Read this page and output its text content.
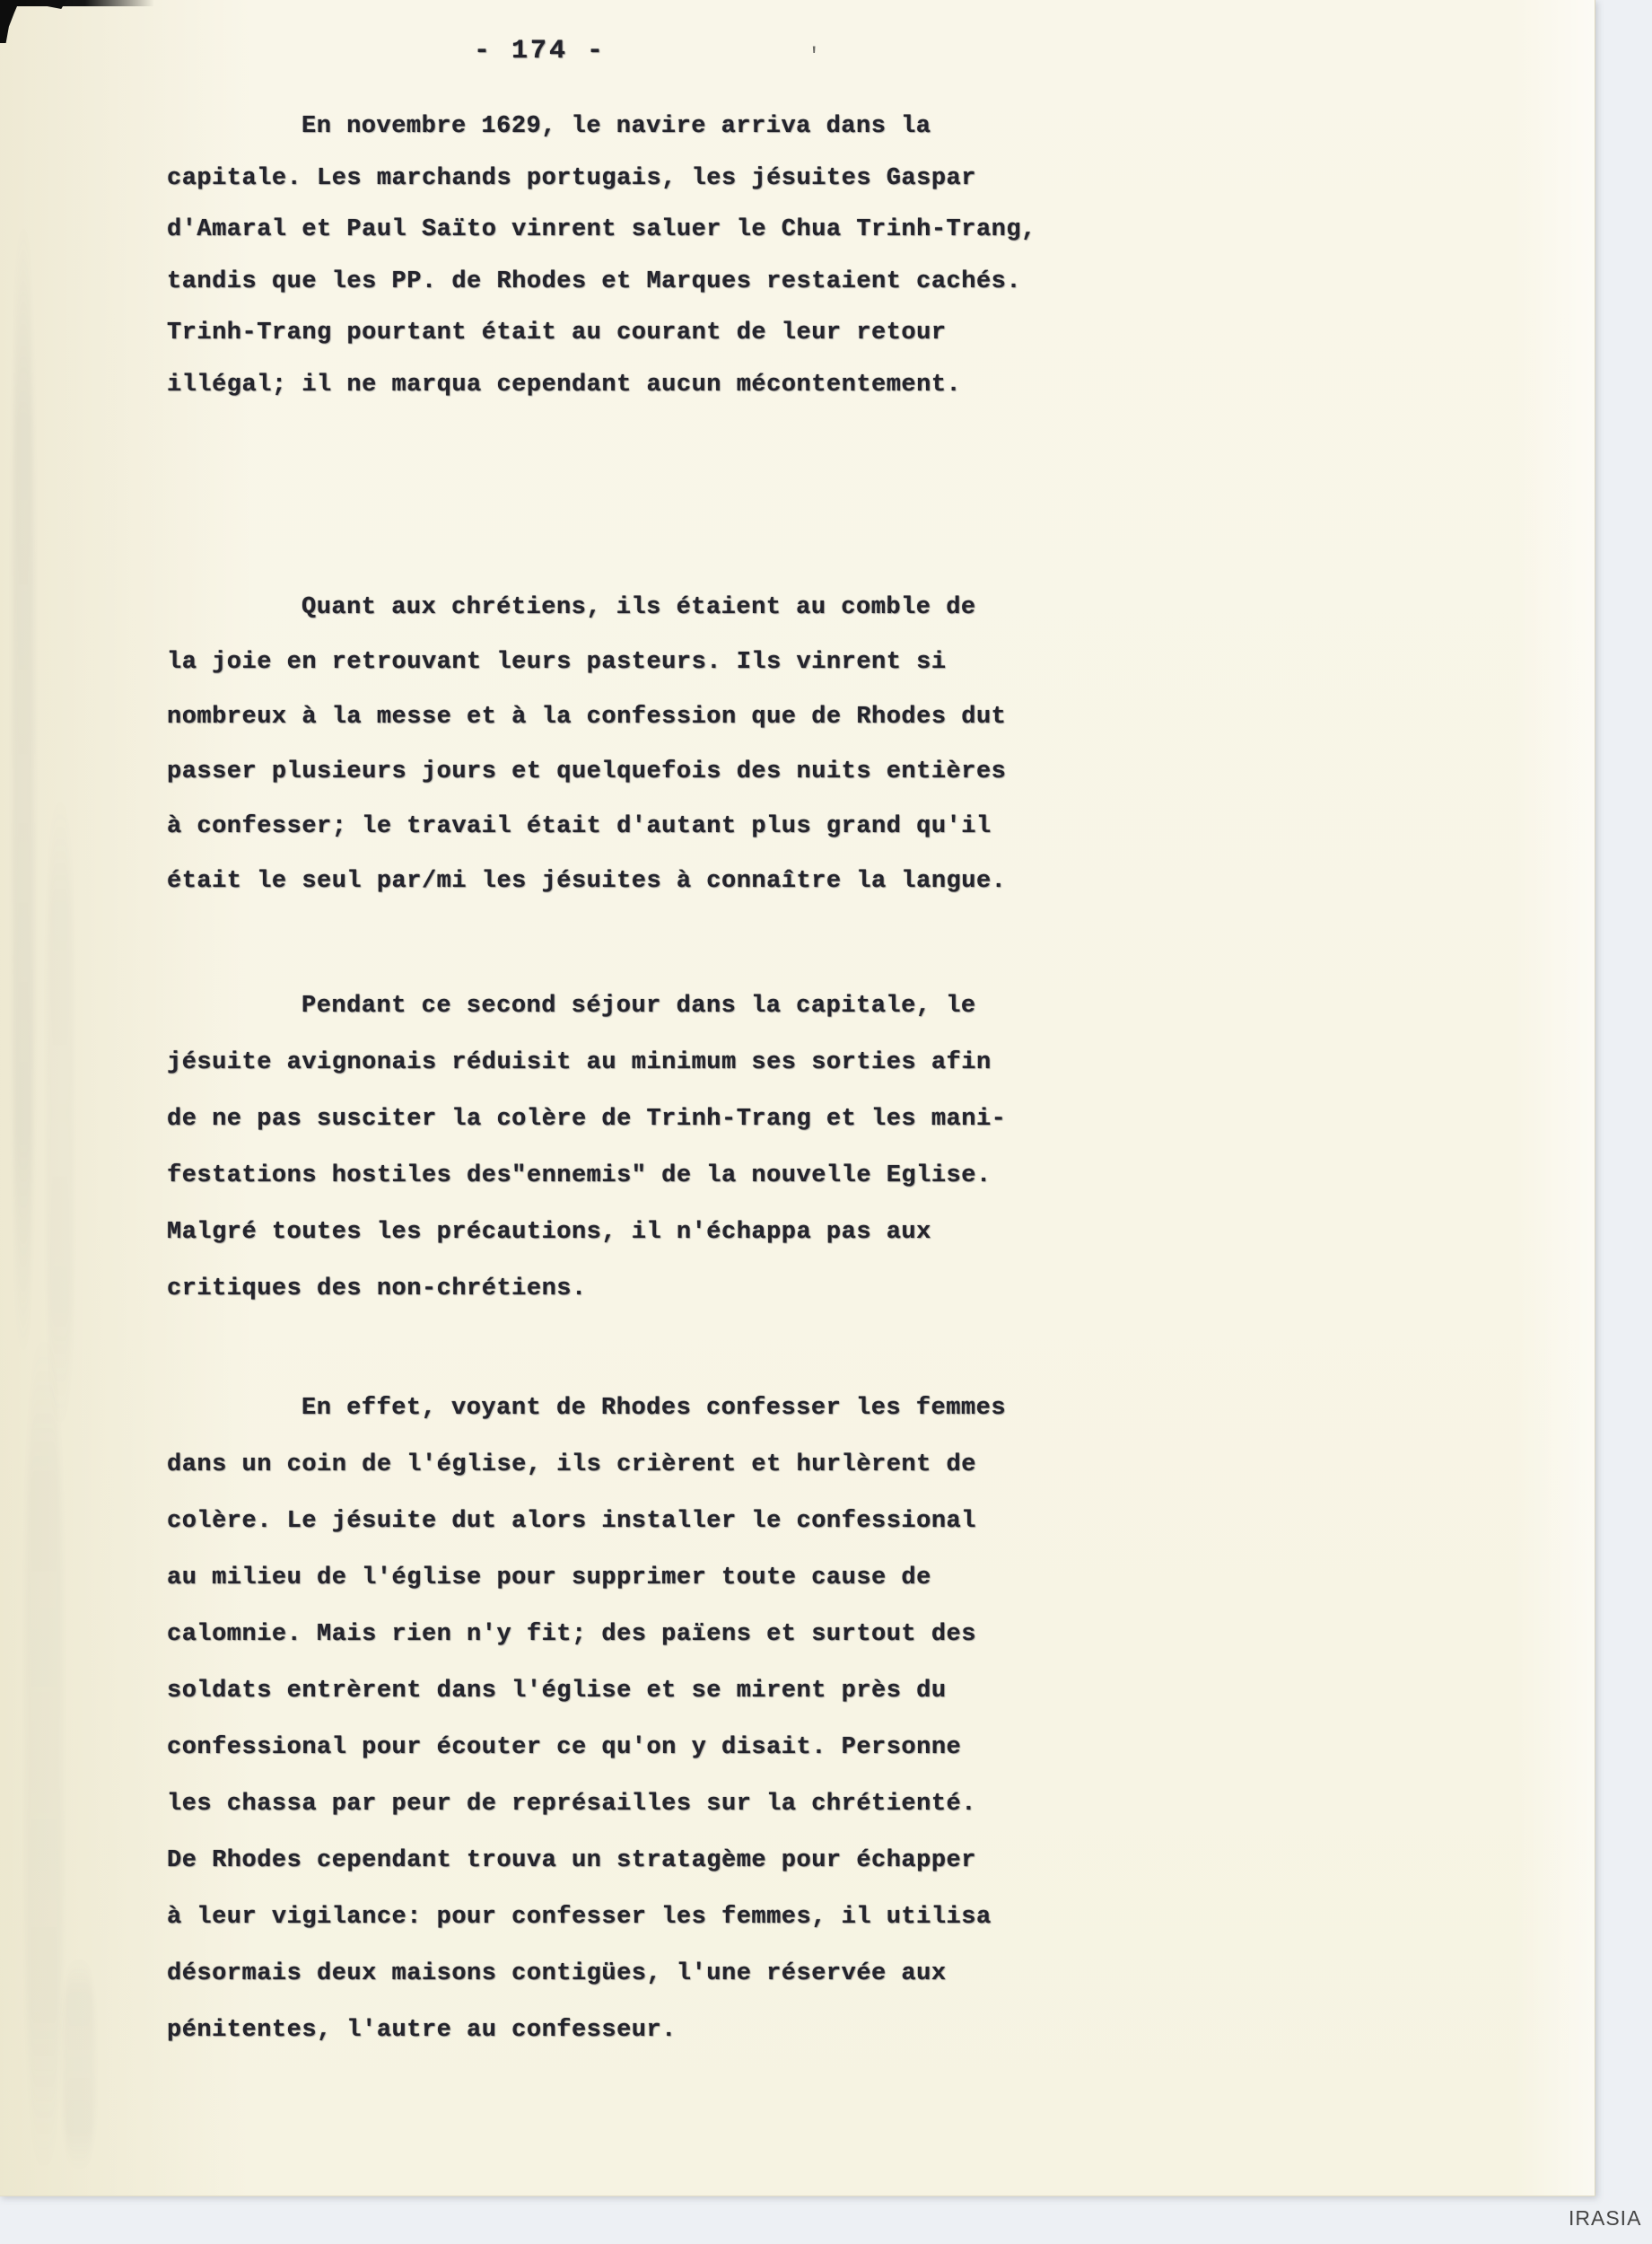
- 174 -	'
En novembre 1629, le navire arriva dans la
capitale. Les marchands portugais, les jésuites Gaspar
d'Amaral et Paul Saïto vinrent saluer le Chua Trinh-Trang,
tandis que les PP. de Rhodes et Marques restaient cachés.
Trinh-Trang pourtant était au courant de leur retour
illégal; il ne marqua cependant aucun mécontentement.
Quant aux chrétiens, ils étaient au comble de
la joie en retrouvant leurs pasteurs. Ils vinrent si
nombreux à la messe et à la confession que de Rhodes dut
passer plusieurs jours et quelquefois des nuits entières
à confesser; le travail était d'autant plus grand qu'il
était le seul par/mi les jésuites à connaître la langue.
Pendant ce second séjour dans la capitale, le
jésuite avignonais réduisit au minimum ses sorties afin
de ne pas susciter la colère de Trinh-Trang et les mani-
festations hostiles des"ennemis" de la nouvelle Eglise.
Malgré toutes les précautions, il n'échappa pas aux
critiques des non-chrétiens.
En effet, voyant de Rhodes confesser les femmes
dans un coin de l'église, ils crièrent et hurlèrent de
colère. Le jésuite dut alors installer le confessional
au milieu de l'église pour supprimer toute cause de
calomnie. Mais rien n'y fit; des païens et surtout des
soldats entrèrent dans l'église et se mirent près du
confessional pour écouter ce qu'on y disait. Personne
les chassa par peur de représailles sur la chrétienté.
De Rhodes cependant trouva un stratagème pour échapper
à leur vigilance: pour confesser les femmes, il utilisa
désormais deux maisons contigües, l'une réservée aux
pénitentes, l'autre au confesseur.
IRASIA
